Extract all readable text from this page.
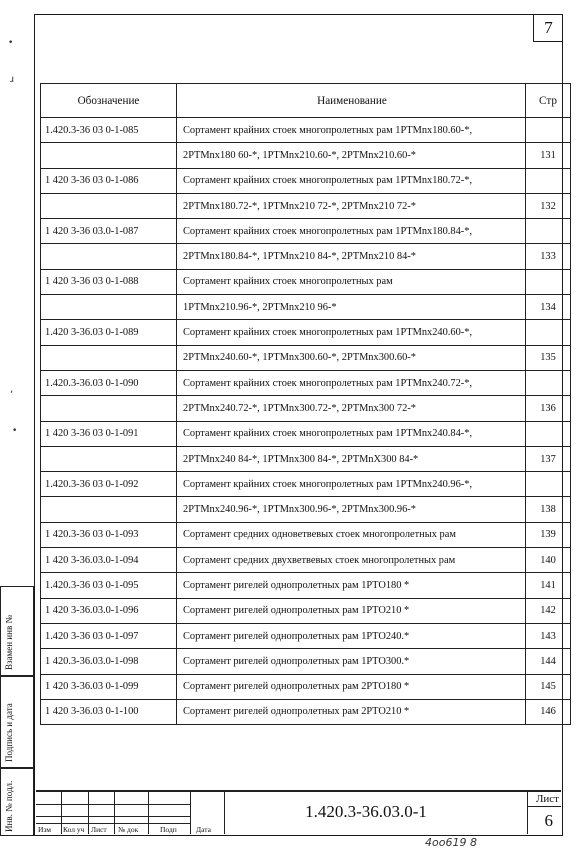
7
Обозначение	Наименование	Стр
1.420.3-36 03 0-1-085	Сортамент крайних стоек многопролетных рам 1PTMnx180.60-*,	
	2PTMnx180 60-*, 1PTMnx210.60-*, 2PTMnx210.60-*	131
1 420 3-36 03 0-1-086	Сортамент крайних стоек многопролетных рам 1PTMnx180.72-*,	
	2PTMnx180.72-*, 1PTMnx210 72-*, 2PTMnx210 72-*	132
1 420 3-36 03.0-1-087	Сортамент крайних стоек многопролетных рам 1PTMnx180.84-*,	
	2PTMnx180.84-*, 1PTMnx210 84-*, 2PTMnx210 84-*	133
1 420 3-36 03 0-1-088	Сортамент крайних стоек многопролетных рам	
	1PTMnx210.96-*, 2PTMnx210 96-*	134
1.420 3-36.03 0-1-089	Сортамент крайних стоек многопролетных рам 1PTMnx240.60-*,	
	2PTMnx240.60-*, 1PTMnx300.60-*, 2PTMnx300.60-*	135
1.420.3-36.03 0-1-090	Сортамент крайних стоек многопролетных рам 1PTMnx240.72-*,	
	2PTMnx240.72-*, 1PTMnx300.72-*, 2PTMnx300 72-*	136
1 420 3-36 03 0-1-091	Сортамент крайних стоек многопролетных рам 1PTMnx240.84-*,	
	2PTMnx240 84-*, 1PTMnx300 84-*, 2PTMnX300 84-*	137
1.420.3-36 03 0-1-092	Сортамент крайних стоек многопролетных рам 1PTMnx240.96-*,	
	2PTMnx240.96-*, 1PTMnx300.96-*, 2PTMnx300.96-*	138
1 420.3-36 03 0-1-093	Сортамент средних одноветвевых стоек многопролетных рам	139
1 420 3-36.03.0-1-094	Сортамент средних двухветвевых стоек многопролетных рам	140
1.420.3-36 03 0-1-095	Сортамент ригелей однопролетных рам 1PTO180 *	141
1 420 3-36.03.0-1-096	Сортамент ригелей однопролетных рам 1PTO210 *	142
1.420 3-36 03 0-1-097	Сортамент ригелей однопролетных рам 1PTO240.*	143
1 420.3-36.03.0-1-098	Сортамент ригелей однопролетных рам 1PTO300.*	144
1 420 3-36.03 0-1-099	Сортамент ригелей однопролетных рам 2PTO180 *	145
1 420 3-36.03 0-1-100	Сортамент ригелей однопролетных рам 2PTO210 *	146
Взамен инв №
Подпись и дата
Инв. № подл.	Изм Кол уч Лист № док	Подп	Дата
1.420.3-36.03.0-1
Лист
6
4оо619 8
•
ɹ
,
•
